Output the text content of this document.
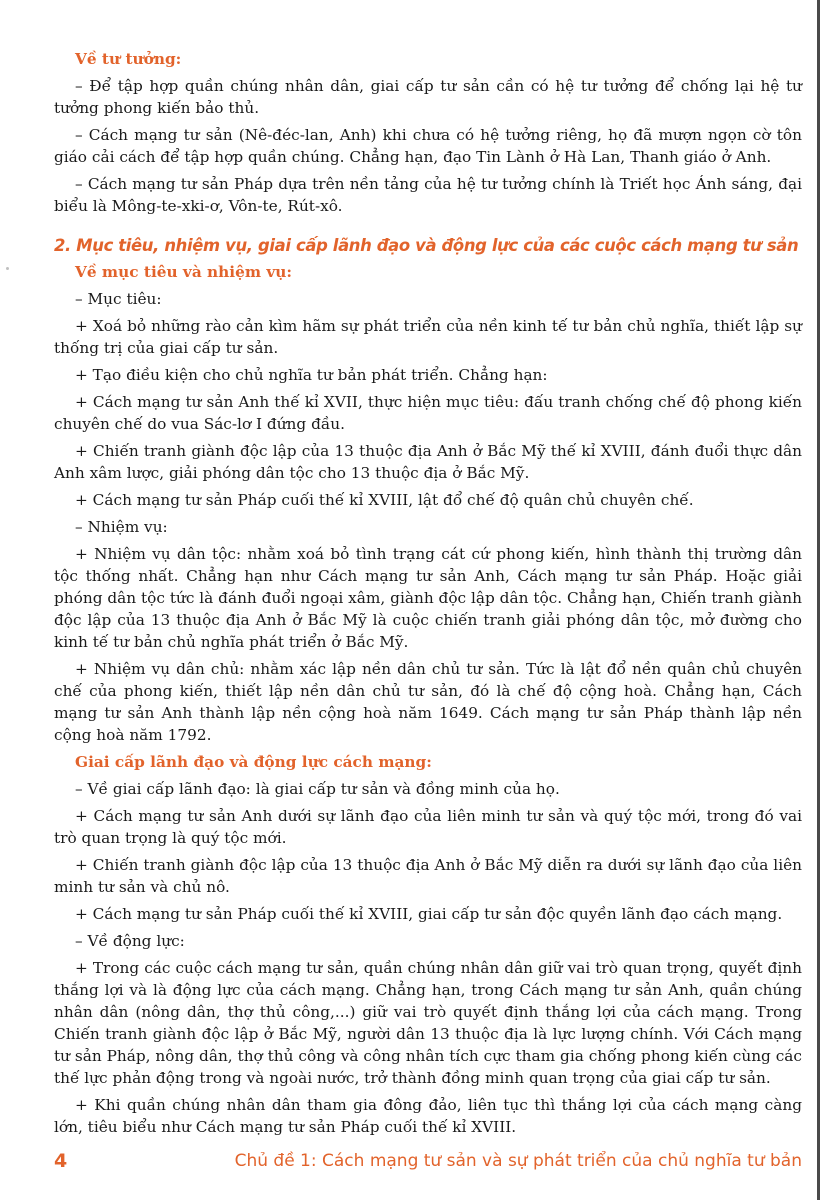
Về tư tưởng:

– Để tập hợp quần chúng nhân dân, giai cấp tư sản cần có hệ tư tưởng để chống lại hệ tư tưởng phong kiến bảo thủ.

– Cách mạng tư sản (Nê-đéc-lan, Anh) khi chưa có hệ tưởng riêng, họ đã mượn ngọn cờ tôn giáo cải cách để tập hợp quần chúng. Chẳng hạn, đạo Tin Lành ở Hà Lan, Thanh giáo ở Anh.

– Cách mạng tư sản Pháp dựa trên nền tảng của hệ tư tưởng chính là Triết học Ánh sáng, đại biểu là Mông-te-xki-ơ, Vôn-te, Rút-xô.

2. Mục tiêu, nhiệm vụ, giai cấp lãnh đạo và động lực của các cuộc cách mạng tư sản
Về mục tiêu và nhiệm vụ:

– Mục tiêu:

+ Xoá bỏ những rào cản kìm hãm sự phát triển của nền kinh tế tư bản chủ nghĩa, thiết lập sự thống trị của giai cấp tư sản.

+ Tạo điều kiện cho chủ nghĩa tư bản phát triển. Chẳng hạn:

+ Cách mạng tư sản Anh thế kỉ XVII, thực hiện mục tiêu: đấu tranh chống chế độ phong kiến chuyên chế do vua Sác-lơ I đứng đầu.

+ Chiến tranh giành độc lập của 13 thuộc địa Anh ở Bắc Mỹ thế kỉ XVIII, đánh đuổi thực dân Anh xâm lược, giải phóng dân tộc cho 13 thuộc địa ở Bắc Mỹ.

+ Cách mạng tư sản Pháp cuối thế kỉ XVIII, lật đổ chế độ quân chủ chuyên chế.

– Nhiệm vụ:

+ Nhiệm vụ dân tộc: nhằm xoá bỏ tình trạng cát cứ phong kiến, hình thành thị trường dân tộc thống nhất. Chẳng hạn như Cách mạng tư sản Anh, Cách mạng tư sản Pháp. Hoặc giải phóng dân tộc tức là đánh đuổi ngoại xâm, giành độc lập dân tộc. Chẳng hạn, Chiến tranh giành độc lập của 13 thuộc địa Anh ở Bắc Mỹ là cuộc chiến tranh giải phóng dân tộc, mở đường cho kinh tế tư bản chủ nghĩa phát triển ở Bắc Mỹ.

+ Nhiệm vụ dân chủ: nhằm xác lập nền dân chủ tư sản. Tức là lật đổ nền quân chủ chuyên chế của phong kiến, thiết lập nền dân chủ tư sản, đó là chế độ cộng hoà. Chẳng hạn, Cách mạng tư sản Anh thành lập nền cộng hoà năm 1649. Cách mạng tư sản Pháp thành lập nền cộng hoà năm 1792.

Giai cấp lãnh đạo và động lực cách mạng:

– Về giai cấp lãnh đạo: là giai cấp tư sản và đồng minh của họ.

+ Cách mạng tư sản Anh dưới sự lãnh đạo của liên minh tư sản và quý tộc mới, trong đó vai trò quan trọng là quý tộc mới.

+ Chiến tranh giành độc lập của 13 thuộc địa Anh ở Bắc Mỹ diễn ra dưới sự lãnh đạo của liên minh tư sản và chủ nô.

+ Cách mạng tư sản Pháp cuối thế kỉ XVIII, giai cấp tư sản độc quyền lãnh đạo cách mạng.

– Về động lực:

+ Trong các cuộc cách mạng tư sản, quần chúng nhân dân giữ vai trò quan trọng, quyết định thắng lợi và là động lực của cách mạng. Chẳng hạn, trong Cách mạng tư sản Anh, quần chúng nhân dân (nông dân, thợ thủ công,...) giữ vai trò quyết định thắng lợi của cách mạng. Trong Chiến tranh giành độc lập ở Bắc Mỹ, người dân 13 thuộc địa là lực lượng chính. Với Cách mạng tư sản Pháp, nông dân, thợ thủ công và công nhân tích cực tham gia chống phong kiến cùng các thế lực phản động trong và ngoài nước, trở thành đồng minh quan trọng của giai cấp tư sản.

+ Khi quần chúng nhân dân tham gia đông đảo, liên tục thì thắng lợi của cách mạng càng lớn, tiêu biểu như Cách mạng tư sản Pháp cuối thế kỉ XVIII.

4	Chủ đề 1: Cách mạng tư sản và sự phát triển của chủ nghĩa tư bản
